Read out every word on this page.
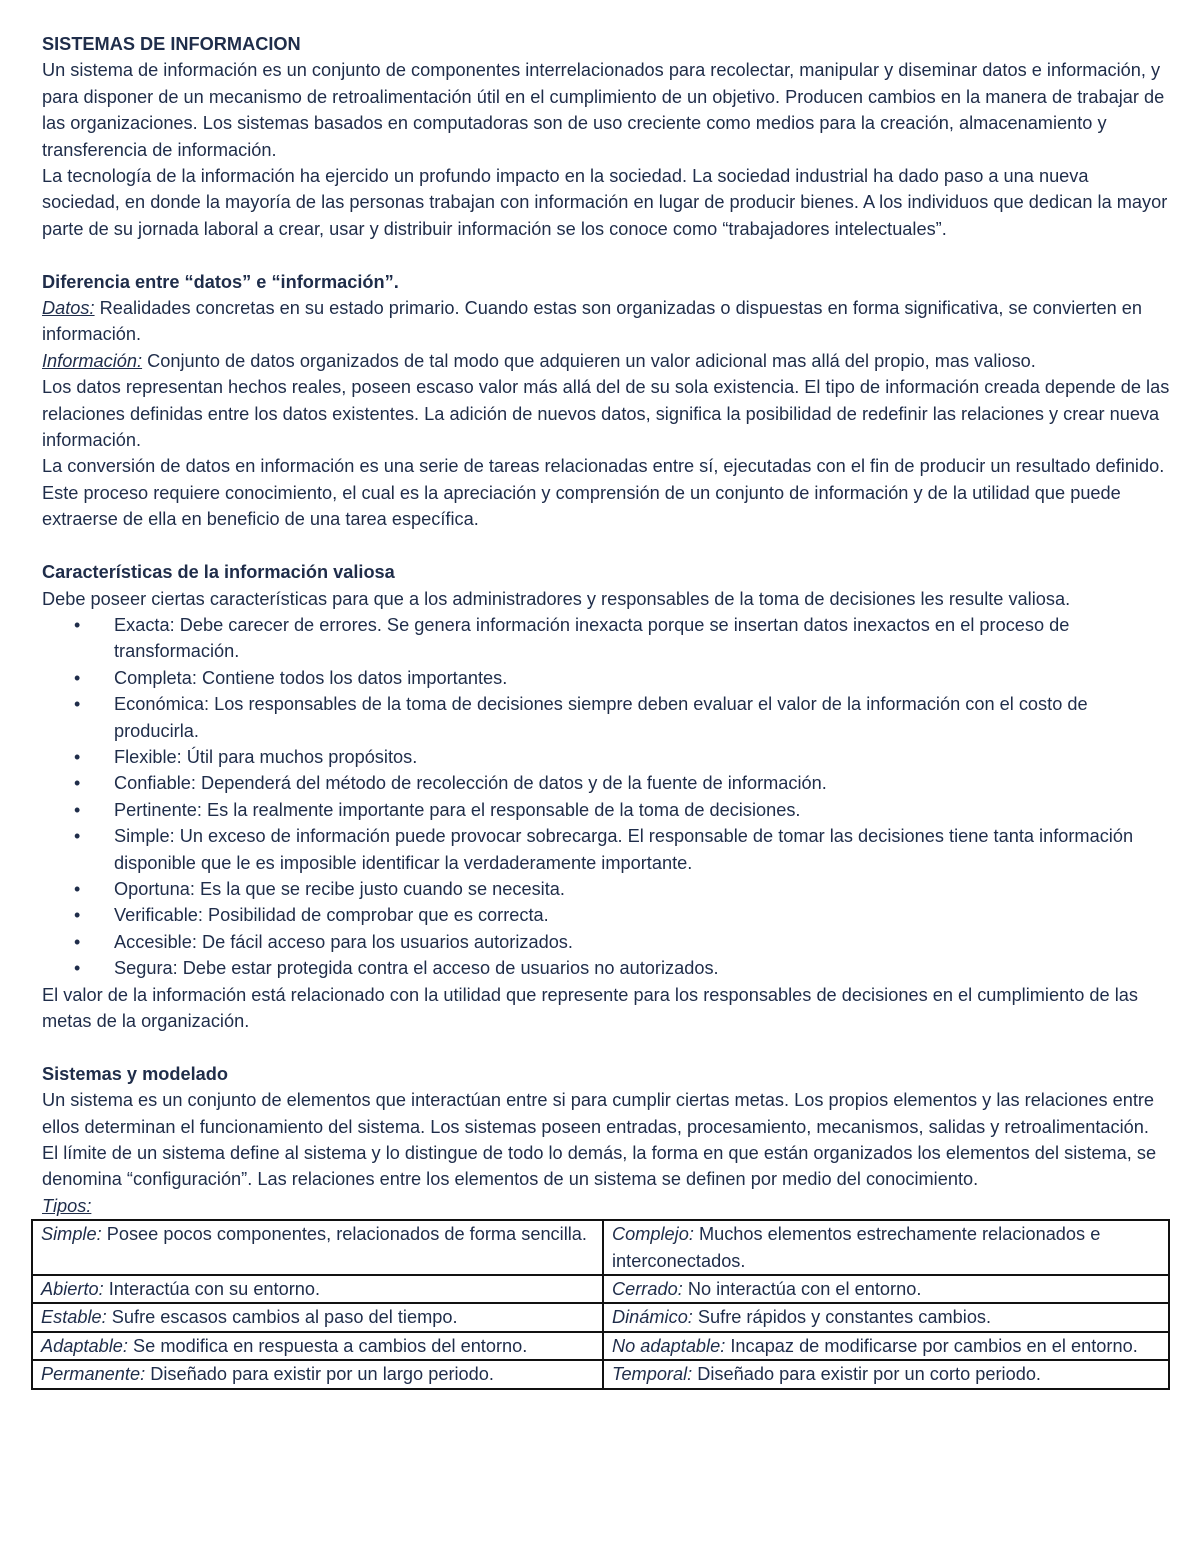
SISTEMAS DE INFORMACION

Un sistema de información es un conjunto de componentes interrelacionados para recolectar, manipular y diseminar datos e información, y para disponer de un mecanismo de retroalimentación útil en el cumplimiento de un objetivo. Producen cambios en la manera de trabajar de las organizaciones. Los sistemas basados en computadoras son de uso creciente como medios para la creación, almacenamiento y transferencia de información.

La tecnología de la información ha ejercido un profundo impacto en la sociedad. La sociedad industrial ha dado paso a una nueva sociedad, en donde la mayoría de las personas trabajan con información en lugar de producir bienes. A los individuos que dedican la mayor parte de su jornada laboral a crear, usar y distribuir información se los conoce como “trabajadores intelectuales”.

Diferencia entre “datos” e “información”.

Datos: Realidades concretas en su estado primario. Cuando estas son organizadas o dispuestas en forma significativa, se convierten en información.

Información: Conjunto de datos organizados de tal modo que adquieren un valor adicional mas allá del propio, mas valioso.

Los datos representan hechos reales, poseen escaso valor más allá del de su sola existencia. El tipo de información creada depende de las relaciones definidas entre los datos existentes. La adición de nuevos datos, significa la posibilidad de redefinir las relaciones y crear nueva información.

La conversión de datos en información es una serie de tareas relacionadas entre sí, ejecutadas con el fin de producir un resultado definido. Este proceso requiere conocimiento, el cual es la apreciación y comprensión de un conjunto de información y de la utilidad que puede extraerse de ella en beneficio de una tarea específica.

Características de la información valiosa

Debe poseer ciertas características para que a los administradores y responsables de la toma de decisiones les resulte valiosa.

• Exacta: Debe carecer de errores. Se genera información inexacta porque se insertan datos inexactos en el proceso de transformación.
• Completa: Contiene todos los datos importantes.
• Económica: Los responsables de la toma de decisiones siempre deben evaluar el valor de la información con el costo de producirla.
• Flexible: Útil para muchos propósitos.
• Confiable: Dependerá del método de recolección de datos y de la fuente de información.
• Pertinente: Es la realmente importante para el responsable de la toma de decisiones.
• Simple: Un exceso de información puede provocar sobrecarga. El responsable de tomar las decisiones tiene tanta información disponible que le es imposible identificar la verdaderamente importante.
• Oportuna: Es la que se recibe justo cuando se necesita.
• Verificable: Posibilidad de comprobar que es correcta.
• Accesible: De fácil acceso para los usuarios autorizados.
• Segura: Debe estar protegida contra el acceso de usuarios no autorizados.

El valor de la información está relacionado con la utilidad que represente para los responsables de decisiones en el cumplimiento de las metas de la organización.

Sistemas y modelado

Un sistema es un conjunto de elementos que interactúan entre si para cumplir ciertas metas. Los propios elementos y las relaciones entre ellos determinan el funcionamiento del sistema. Los sistemas poseen entradas, procesamiento, mecanismos, salidas y retroalimentación.

El límite de un sistema define al sistema y lo distingue de todo lo demás, la forma en que están organizados los elementos del sistema, se denomina “configuración”. Las relaciones entre los elementos de un sistema se definen por medio del conocimiento.

Tipos:

Simple: Posee pocos componentes, relacionados de forma sencilla.	Complejo: Muchos elementos estrechamente relacionados e interconectados.
Abierto: Interactúa con su entorno.	Cerrado: No interactúa con el entorno.
Estable: Sufre escasos cambios al paso del tiempo.	Dinámico: Sufre rápidos y constantes cambios.
Adaptable: Se modifica en respuesta a cambios del entorno.	No adaptable: Incapaz de modificarse por cambios en el entorno.
Permanente: Diseñado para existir por un largo periodo.	Temporal: Diseñado para existir por un corto periodo.
